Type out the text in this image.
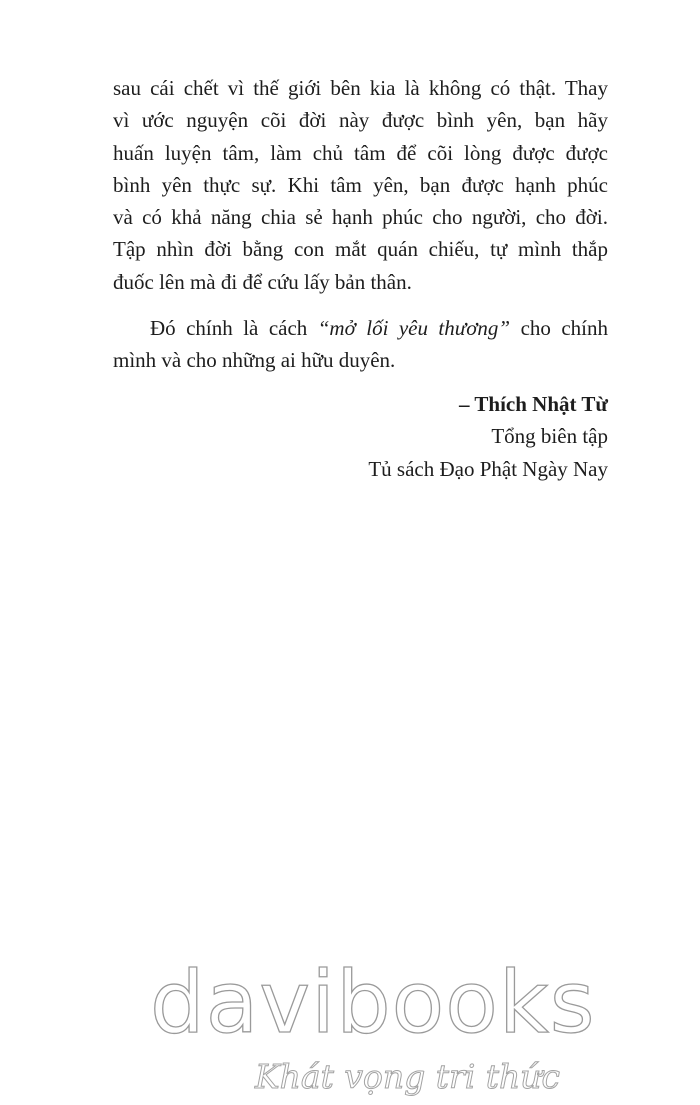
sau cái chết vì thế giới bên kia là không có thật. Thay
vì ước nguyện cõi đời này được bình yên, bạn hãy
huấn luyện tâm, làm chủ tâm để cõi lòng được được
bình yên thực sự. Khi tâm yên, bạn được hạnh phúc
và có khả năng chia sẻ hạnh phúc cho người, cho đời.
Tập nhìn đời bằng con mắt quán chiếu, tự mình thắp
đuốc lên mà đi để cứu lấy bản thân.

Đó chính là cách “mở lối yêu thương” cho chính
mình và cho những ai hữu duyên.

– Thích Nhật Từ
Tổng biên tập
Tủ sách Đạo Phật Ngày Nay
davibooks
Khát vọng tri thức
